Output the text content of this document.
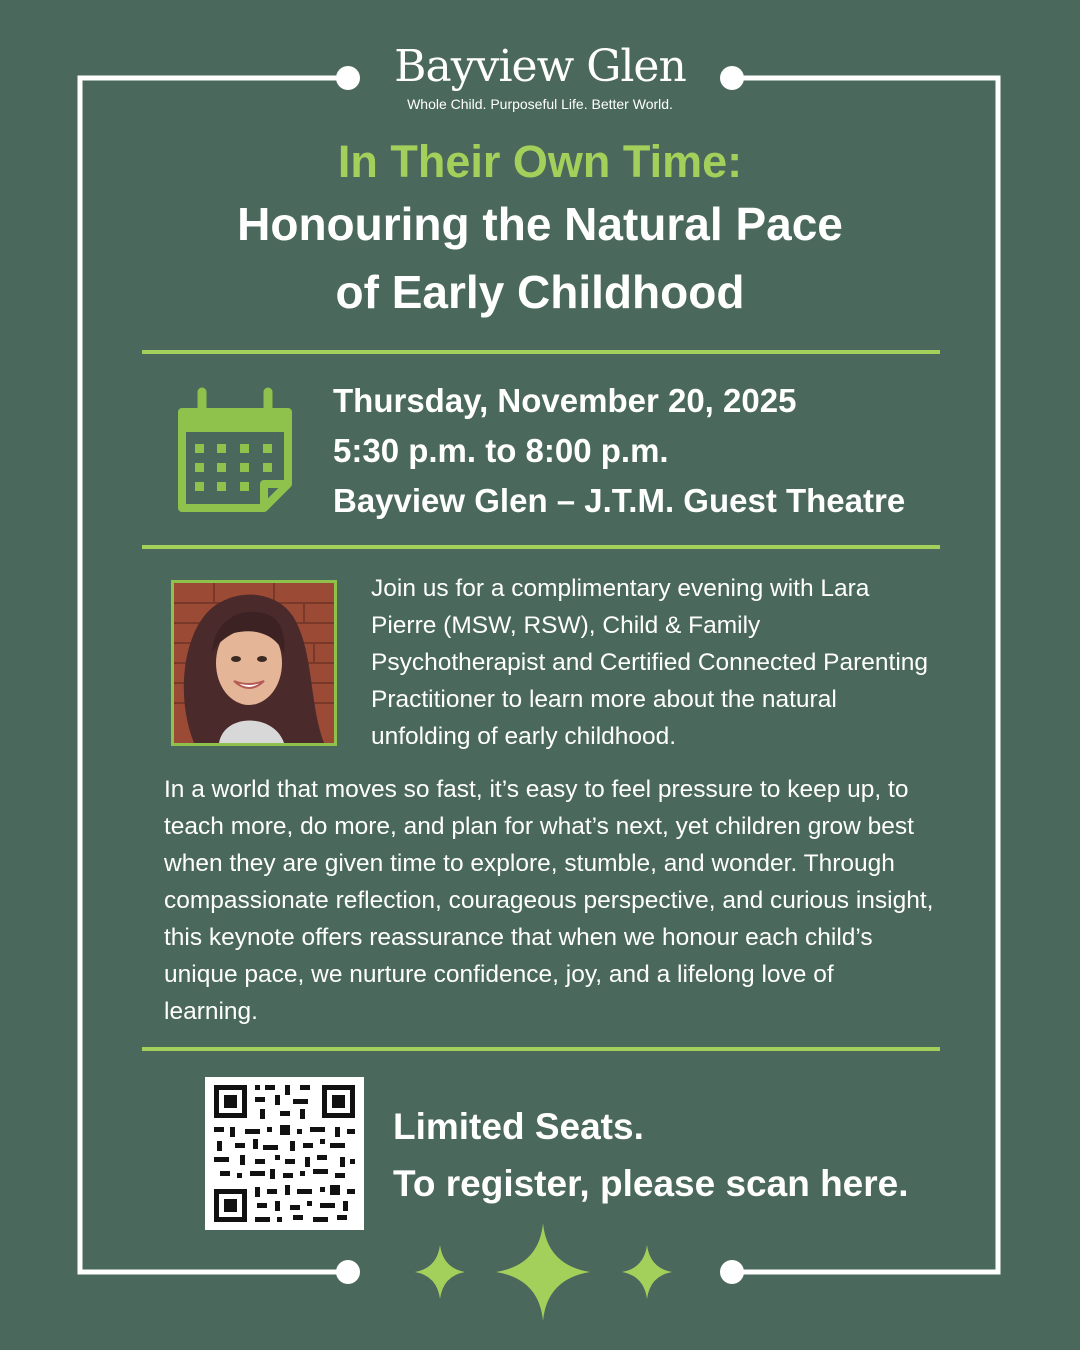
Bayview Glen
Whole Child. Purposeful Life. Better World.
In Their Own Time:
Honouring the Natural Pace
of Early Childhood
Thursday, November 20, 2025
5:30 p.m. to 8:00 p.m.
Bayview Glen – J.T.M. Guest Theatre
Join us for a complimentary evening with Lara Pierre (MSW, RSW), Child & Family Psychotherapist and Certified Connected Parenting Practitioner to learn more about the natural unfolding of early childhood.
In a world that moves so fast, it’s easy to feel pressure to keep up, to teach more, do more, and plan for what’s next, yet children grow best when they are given time to explore, stumble, and wonder. Through compassionate reflection, courageous perspective, and curious insight, this keynote offers reassurance that when we honour each child’s unique pace, we nurture confidence, joy, and a lifelong love of learning.
Limited Seats.
To register, please scan here.
